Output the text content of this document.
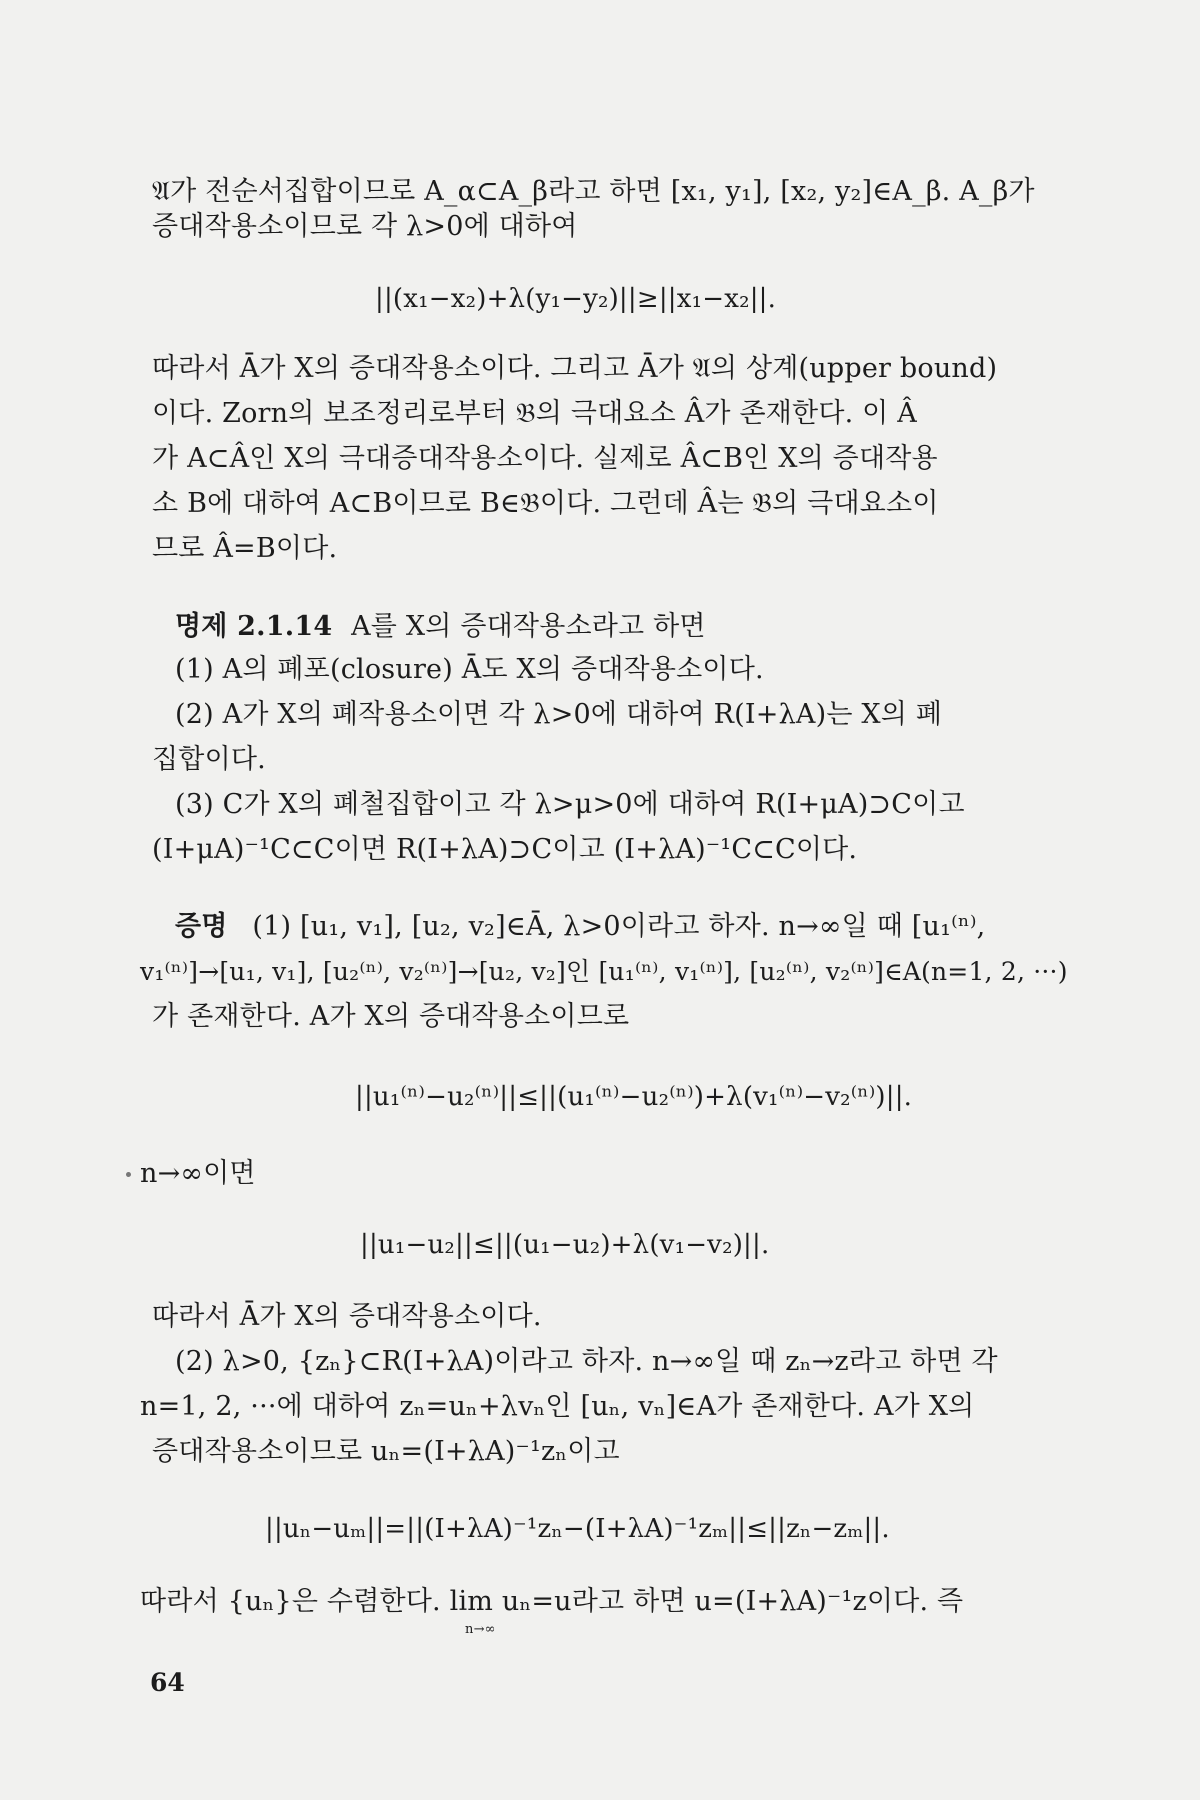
𝔄가 전순서집합이므로 A_α⊂A_β라고 하면 [x₁, y₁], [x₂, y₂]∈A_β. A_β가
증대작용소이므로 각 λ>0에 대하여
||(x₁−x₂)+λ(y₁−y₂)||≥||x₁−x₂||.
따라서 Ā가 X의 증대작용소이다. 그리고 Ā가 𝔄의 상계(upper bound)
이다. Zorn의 보조정리로부터 𝔅의 극대요소 Â가 존재한다. 이 Â
가 A⊂Â인 X의 극대증대작용소이다. 실제로 Â⊂B인 X의 증대작용
소 B에 대하여 A⊂B이므로 B∈𝔅이다. 그런데 Â는 𝔅의 극대요소이
므로 Â=B이다.
명제 2.1.14 A를 X의 증대작용소라고 하면
(1) A의 폐포(closure) Ā도 X의 증대작용소이다.
(2) A가 X의 폐작용소이면 각 λ>0에 대하여 R(I+λA)는 X의 폐
집합이다.
(3) C가 X의 폐철집합이고 각 λ>μ>0에 대하여 R(I+μA)⊃C이고
(I+μA)⁻¹C⊂C이면 R(I+λA)⊃C이고 (I+λA)⁻¹C⊂C이다.
증명 (1) [u₁, v₁], [u₂, v₂]∈Ā, λ>0이라고 하자. n→∞일 때 [u₁⁽ⁿ⁾,
v₁⁽ⁿ⁾]→[u₁, v₁], [u₂⁽ⁿ⁾, v₂⁽ⁿ⁾]→[u₂, v₂]인 [u₁⁽ⁿ⁾, v₁⁽ⁿ⁾], [u₂⁽ⁿ⁾, v₂⁽ⁿ⁾]∈A(n=1, 2, ···)
가 존재한다. A가 X의 증대작용소이므로
||u₁⁽ⁿ⁾−u₂⁽ⁿ⁾||≤||(u₁⁽ⁿ⁾−u₂⁽ⁿ⁾)+λ(v₁⁽ⁿ⁾−v₂⁽ⁿ⁾)||.
n→∞이면
||u₁−u₂||≤||(u₁−u₂)+λ(v₁−v₂)||.
따라서 Ā가 X의 증대작용소이다.
(2) λ>0, {zₙ}⊂R(I+λA)이라고 하자. n→∞일 때 zₙ→z라고 하면 각
n=1, 2, ···에 대하여 zₙ=uₙ+λvₙ인 [uₙ, vₙ]∈A가 존재한다. A가 X의
증대작용소이므로 uₙ=(I+λA)⁻¹zₙ이고
||uₙ−uₘ||=||(I+λA)⁻¹zₙ−(I+λA)⁻¹zₘ||≤||zₙ−zₘ||.
따라서 {uₙ}은 수렴한다. lim uₙ=u라고 하면 u=(I+λA)⁻¹z이다. 즉
n→∞
64
